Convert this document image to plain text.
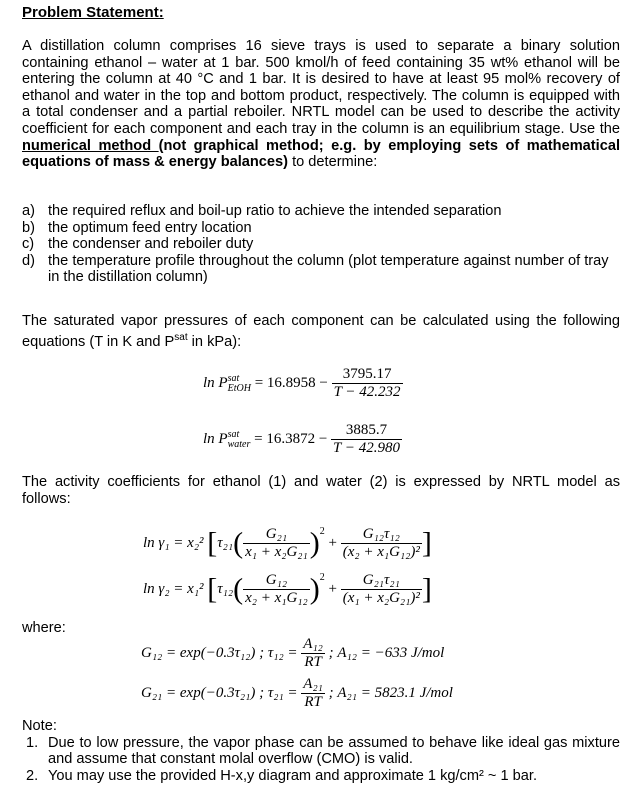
Problem Statement:
A distillation column comprises 16 sieve trays is used to separate a binary solution containing ethanol – water at 1 bar. 500 kmol/h of feed containing 35 wt% ethanol will be entering the column at 40 °C and 1 bar. It is desired to have at least 95 mol% recovery of ethanol and water in the top and bottom product, respectively. The column is equipped with a total condenser and a partial reboiler. NRTL model can be used to describe the activity coefficient for each component and each tray in the column is an equilibrium stage. Use the numerical method (not graphical method; e.g. by employing sets of mathematical equations of mass & energy balances) to determine:
a) the required reflux and boil-up ratio to achieve the intended separation
b) the optimum feed entry location
c) the condenser and reboiler duty
d) the temperature profile throughout the column (plot temperature against number of tray in the distillation column)
The saturated vapor pressures of each component can be calculated using the following equations (T in K and $P^{sat}$ in kPa):
ln P sat
EtOH = $16.8958 - \frac{3795.17}{T - 42.232}$
ln P sat
water = $16.3872 - \frac{3885.7}{T - 42.980}$
The activity coefficients for ethanol (1) and water (2) is expressed by NRTL model as follows:
ln γ₁ = x₂² [$\tau_{21}( \frac{\text{G₂₁}}{\text{x₁ + x₂G₂₁}} )^2 + \frac{\text{G₁₂τ₁₂}}{\text{(x₂ + x₁G₁₂)²}}$ ]
ln γ₂ = x₁² [$\tau_{12}( \frac{\text{G₁₂}}{\text{x₂ + x₁G₁₂}} )^2 + \frac{\text{G₂₁τ₂₁}}{\text{(x₁ + x₂G₂₁)²}}$ ]
where:
G₁₂ = exp(−0.3τ₁₂) ; $\tau_{12} = \frac{\text{A₁₂}}{RT}$ ; A₁₂ = −633 J/mol
G₂₁ = exp(−0.3τ₂₁) ; $\tau_{21} = \frac{\text{A₂₁}}{RT}$ ; A₂₁ = 5823.1 J/mol
Note:
1. Due to low pressure, the vapor phase can be assumed to behave like ideal gas mixture and assume that constant molal overflow (CMO) is valid.
2. You may use the provided H-x,y diagram and approximate 1 kg/cm² ~ 1 bar.
